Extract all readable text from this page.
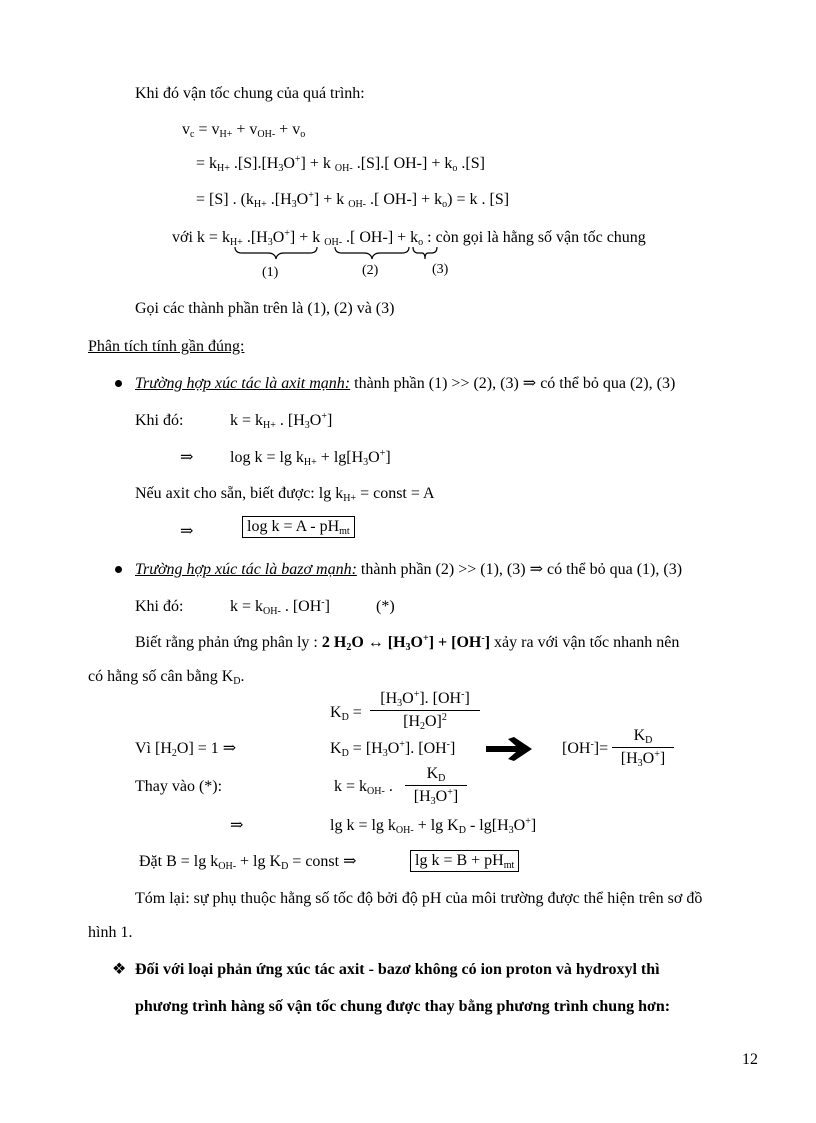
Khi đó vận tốc chung của quá trình:
$v_c = v_{H+} + v_{OH-} + v_o$
= $k_{H+}$ $.[S].[H_3O^+] + k$ $_{OH-}$ .[S].[ $OH-] + k_o$ .[S]
= [S] . ($k_{H+}$ $.[H_3O^+] + k$ $_{OH-}$ .[ $OH-] + k_o) = k$ . [S]
với $k = k_{H+}$ $.[H_3O^+] + k$ $_{OH-}$ .[ $OH-] + k_o$ : còn gọi là hằng số vận tốc chung
(1)	(2)	(3)
Gọi các thành phần trên là (1), (2) và (3)
Phân tích tính gần đúng:
Trường hợp xúc tác là axit mạnh: thành phần (1) >> (2), (3) ⇒ có thể bỏ qua (2), (3)
Khi đó:	$k = k_{H+}$ . $[H_3O^+]$
⇒ $\log k = \lg k_{H+} + \lg[H_3O^+]$
Nếu axit cho sẵn, biết được: $\lg k_{H+}$ = const = A
⇒	$\log k = A - pH_{mt}$
Trường hợp xúc tác là bazơ mạnh: thành phần (2) >> (1), (3) ⇒ có thể bỏ qua (1), (3)
Khi đó:	$k = k_{OH-}$ . [OH-]	(*)
Biết rằng phản ứng phân ly : 2 $H_2O$ ↔ $[H_3O^+] + [OH^-]$ xảy ra với vận tốc nhanh nên
có hằng số cân bằng $K_D$.
$K_D$ =
$[H_3O^+]$. [OH-]
$[H_2O]^2$
Vì $[H_2O] = 1$ ⇒	$K_D = [H_3O^+]$. [OH-]	[OH-]=
$K_D$
$[H_3O^+]$
Thay vào (*):	$k = k_{OH-}$ .
$K_D$
$[H_3O^+]$
⇒	$\lg k = \lg k_{OH-} + \lg K_D - \lg[H_3O^+]$
Đặt $B = \lg k_{OH-} + \lg K_D$ = const ⇒	$\lg k = B + pH_{mt}$
Tóm lại: sự phụ thuộc hằng số tốc độ bởi độ pH của môi trường được thể hiện trên sơ đồ
hình 1.
❖ Đối với loại phản ứng xúc tác axit - bazơ không có ion proton và hydroxyl thì
phương trình hàng số vận tốc chung được thay bằng phương trình chung hơn:
12
